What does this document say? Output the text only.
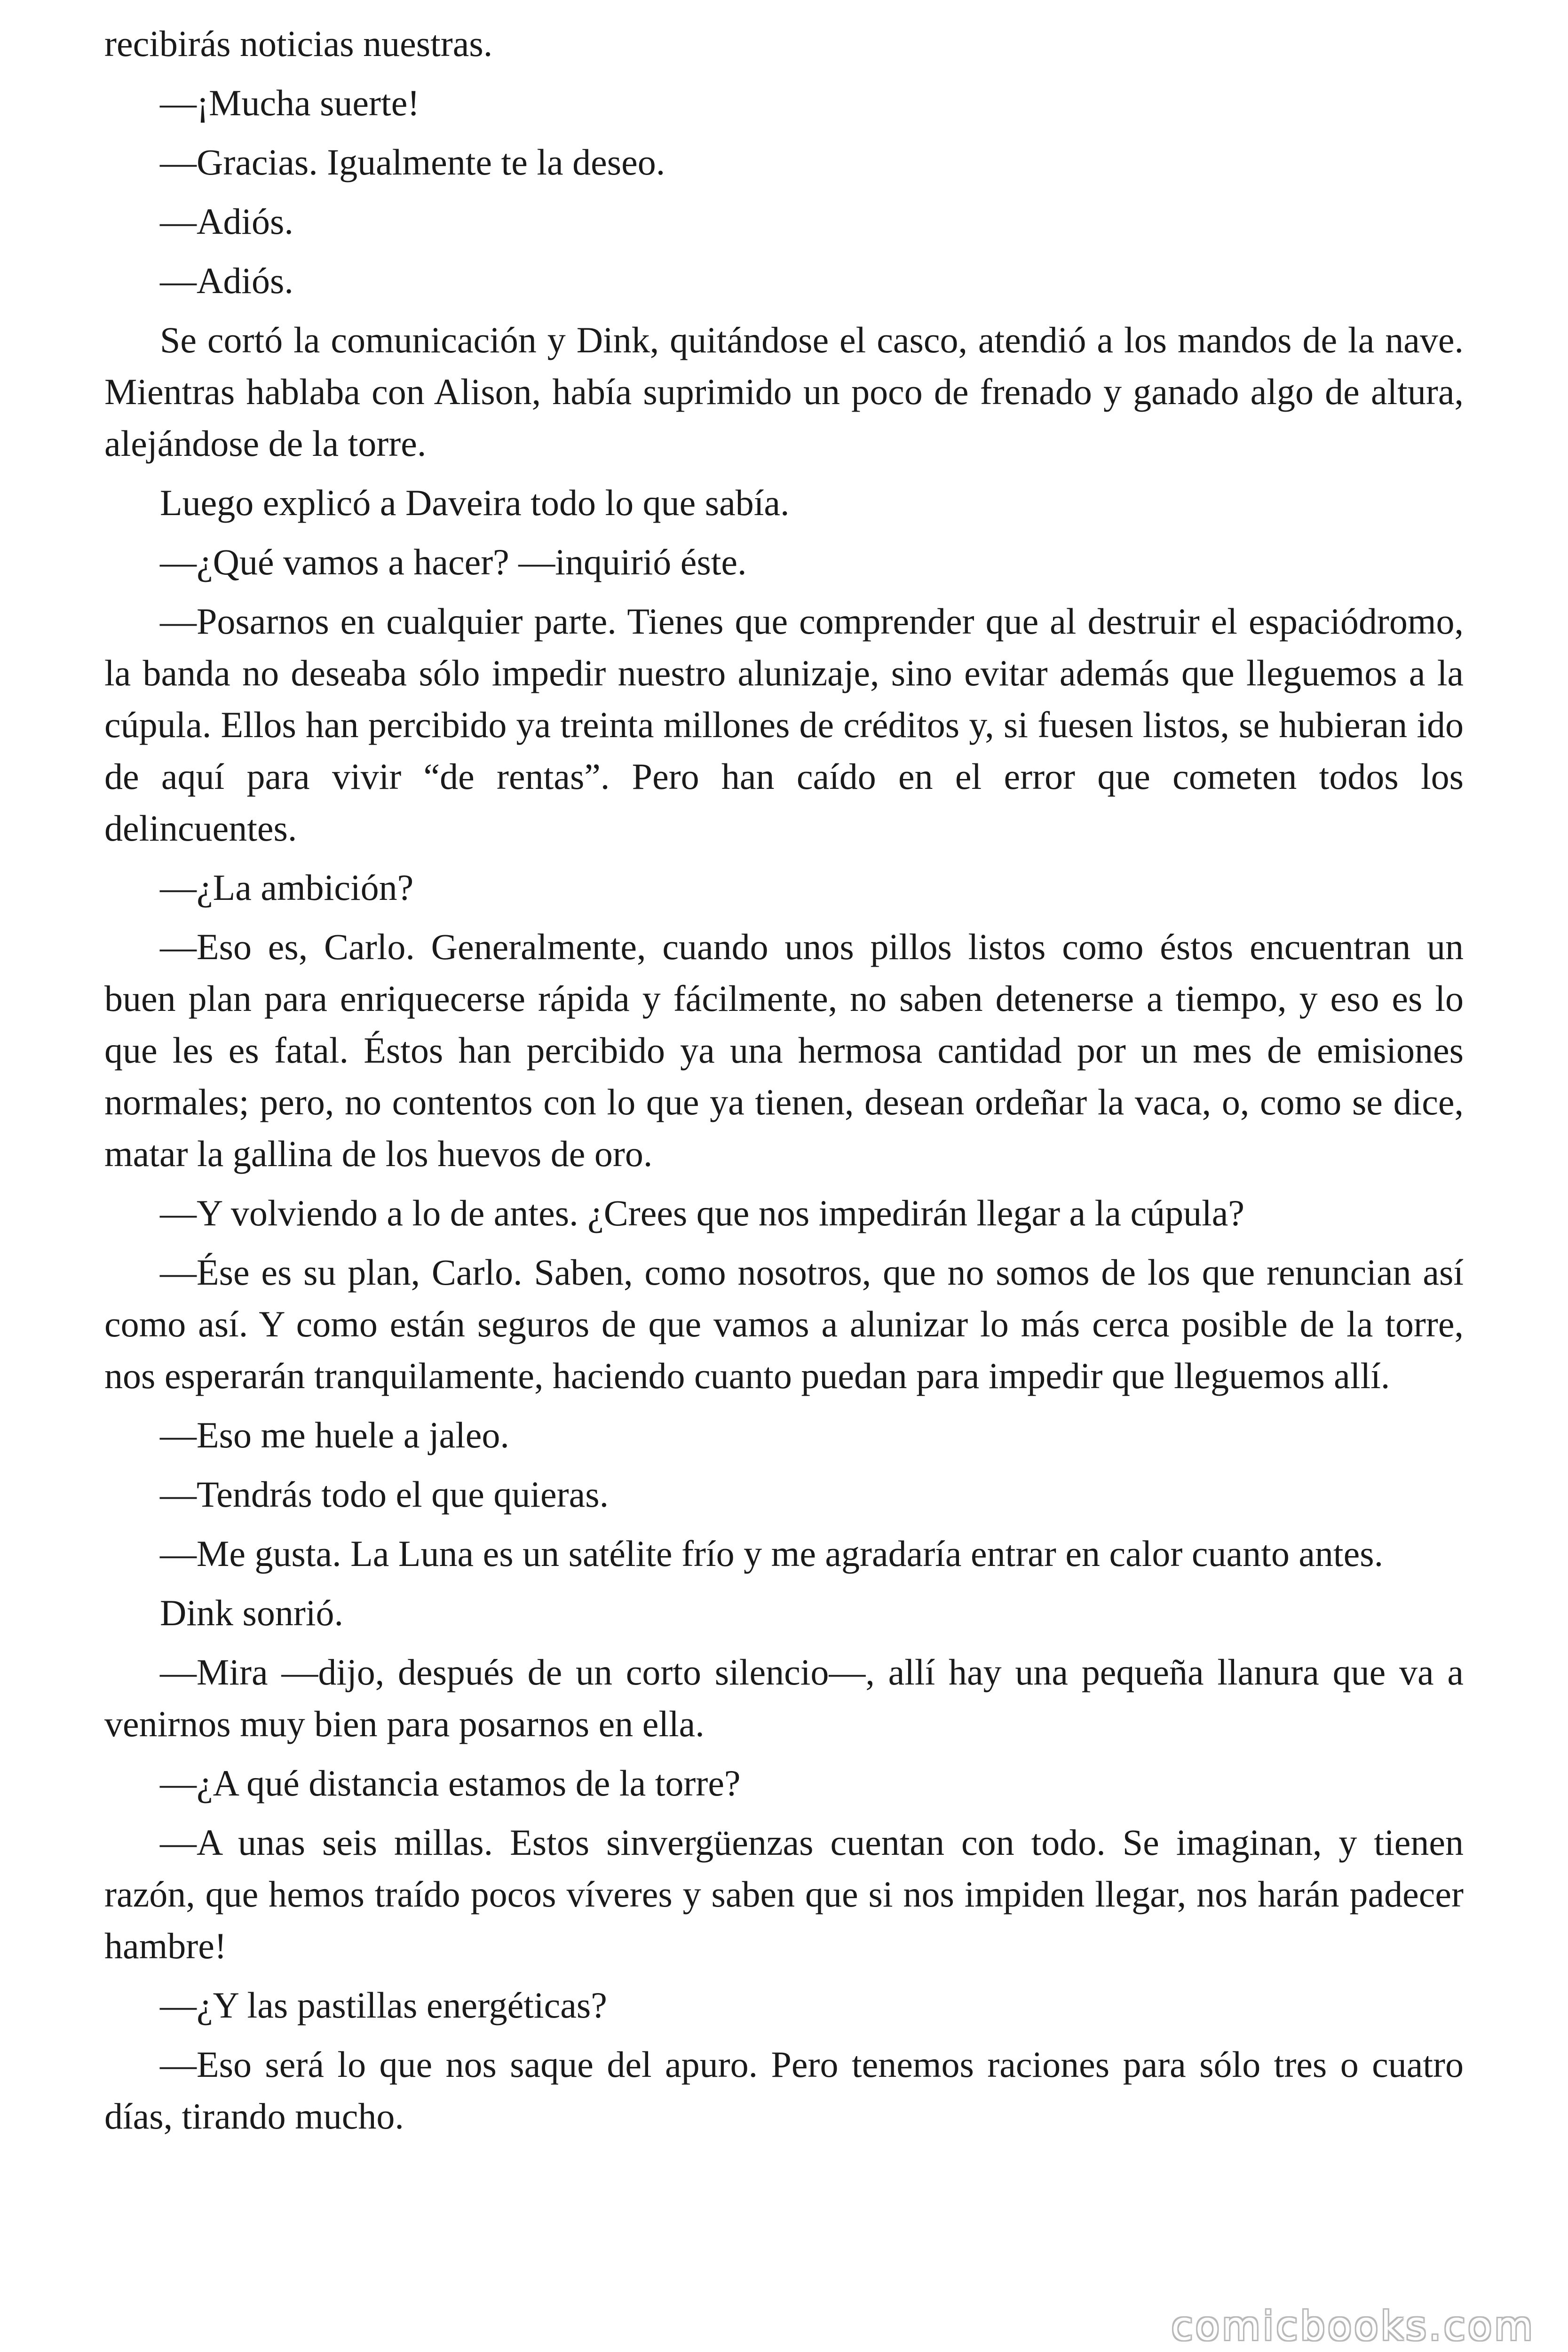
recibirás noticias nuestras.

—¡Mucha suerte!

—Gracias. Igualmente te la deseo.

—Adiós.

—Adiós.

Se cortó la comunicación y Dink, quitándose el casco, atendió a los mandos de la nave. Mientras hablaba con Alison, había suprimido un poco de frenado y ganado algo de altura, alejándose de la torre.

Luego explicó a Daveira todo lo que sabía.

—¿Qué vamos a hacer? —inquirió éste.

—Posarnos en cualquier parte. Tienes que comprender que al destruir el espaciódromo, la banda no deseaba sólo impedir nuestro alunizaje, sino evitar además que lleguemos a la cúpula. Ellos han percibido ya treinta millones de créditos y, si fuesen listos, se hubieran ido de aquí para vivir “de rentas”. Pero han caído en el error que cometen todos los delincuentes.

—¿La ambición?

—Eso es, Carlo. Generalmente, cuando unos pillos listos como éstos encuentran un buen plan para enriquecerse rápida y fácilmente, no saben detenerse a tiempo, y eso es lo que les es fatal. Éstos han percibido ya una hermosa cantidad por un mes de emisiones normales; pero, no contentos con lo que ya tienen, desean ordeñar la vaca, o, como se dice, matar la gallina de los huevos de oro.

—Y volviendo a lo de antes. ¿Crees que nos impedirán llegar a la cúpula?

—Ése es su plan, Carlo. Saben, como nosotros, que no somos de los que renuncian así como así. Y como están seguros de que vamos a alunizar lo más cerca posible de la torre, nos esperarán tranquilamente, haciendo cuanto puedan para impedir que lleguemos allí.

—Eso me huele a jaleo.

—Tendrás todo el que quieras.

—Me gusta. La Luna es un satélite frío y me agradaría entrar en calor cuanto antes.

Dink sonrió.

—Mira —dijo, después de un corto silencio—, allí hay una pequeña llanura que va a venirnos muy bien para posarnos en ella.

—¿A qué distancia estamos de la torre?

—A unas seis millas. Estos sinvergüenzas cuentan con todo. Se imaginan, y tienen razón, que hemos traído pocos víveres y saben que si nos impiden llegar, nos harán padecer hambre!

—¿Y las pastillas energéticas?

—Eso será lo que nos saque del apuro. Pero tenemos raciones para sólo tres o cuatro días, tirando mucho.

comicbooks.com
